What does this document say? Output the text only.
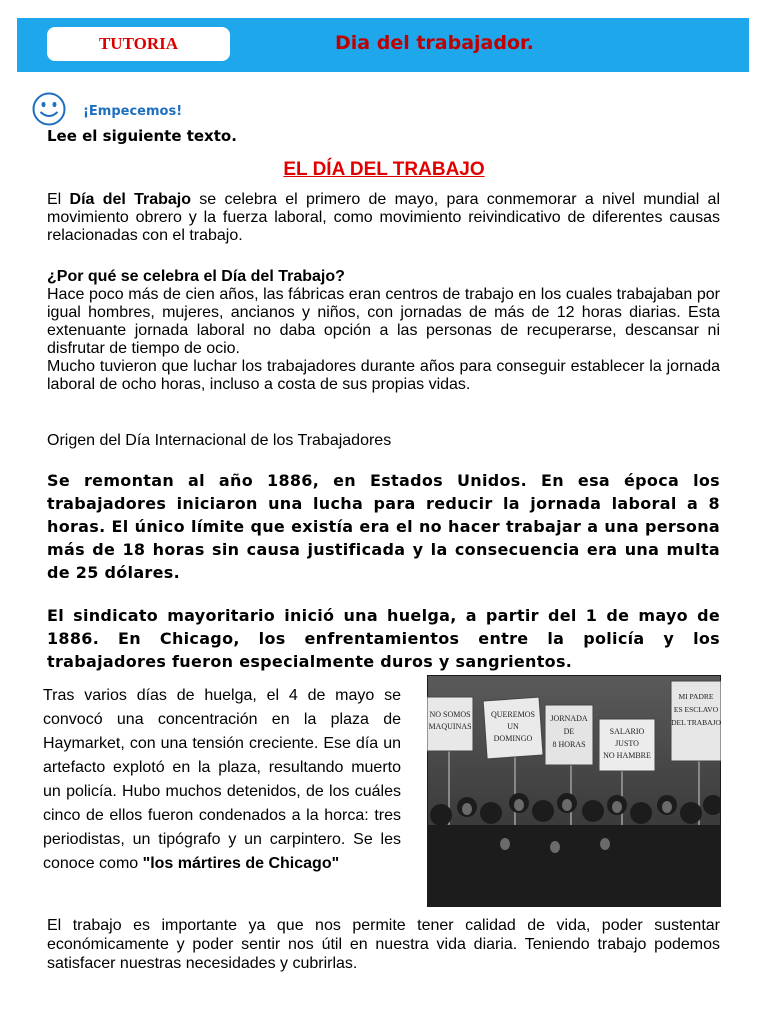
TUTORIA	Dia del trabajador.
¡Empecemos!
Lee el siguiente texto.
EL DÍA DEL TRABAJO
El Día del Trabajo se celebra el primero de mayo, para conmemorar a nivel mundial al movimiento obrero y la fuerza laboral, como movimiento reivindicativo de diferentes causas relacionadas con el trabajo.
¿Por qué se celebra el Día del Trabajo?
Hace poco más de cien años, las fábricas eran centros de trabajo en los cuales trabajaban por igual hombres, mujeres, ancianos y niños, con jornadas de más de 12 horas diarias. Esta extenuante jornada laboral no daba opción a las personas de recuperarse, descansar ni disfrutar de tiempo de ocio.
Mucho tuvieron que luchar los trabajadores durante años para conseguir establecer la jornada laboral de ocho horas, incluso a costa de sus propias vidas.
Origen del Día Internacional de los Trabajadores
Se remontan al año 1886, en Estados Unidos. En esa época los trabajadores iniciaron una lucha para reducir la jornada laboral a 8 horas. El único límite que existía era el no hacer trabajar a una persona más de 18 horas sin causa justificada y la consecuencia era una multa de 25 dólares.
El sindicato mayoritario inició una huelga, a partir del 1 de mayo de 1886. En Chicago, los enfrentamientos entre la policía y los trabajadores fueron especialmente duros y sangrientos.
Tras varios días de huelga, el 4 de mayo se convocó una concentración en la plaza de Haymarket, con una tensión creciente. Ese día un artefacto explotó en la plaza, resultando muerto un policía. Hubo muchos detenidos, de los cuáles cinco de ellos fueron condenados a la horca: tres periodistas, un tipógrafo y un carpintero. Se les conoce como "los mártires de Chicago"
NO SOMOS
MAQUINAS
QUEREMOS
UN
DOMINGO
JORNADA
DE
8 HORAS
SALARIO
JUSTO
NO HAMBRE
MI PADRE
ES ESCLAVO
DEL TRABAJO
El trabajo es importante ya que nos permite tener calidad de vida, poder sustentar económicamente y poder sentir nos útil en nuestra vida diaria. Teniendo trabajo podemos satisfacer nuestras necesidades y cubrirlas.
